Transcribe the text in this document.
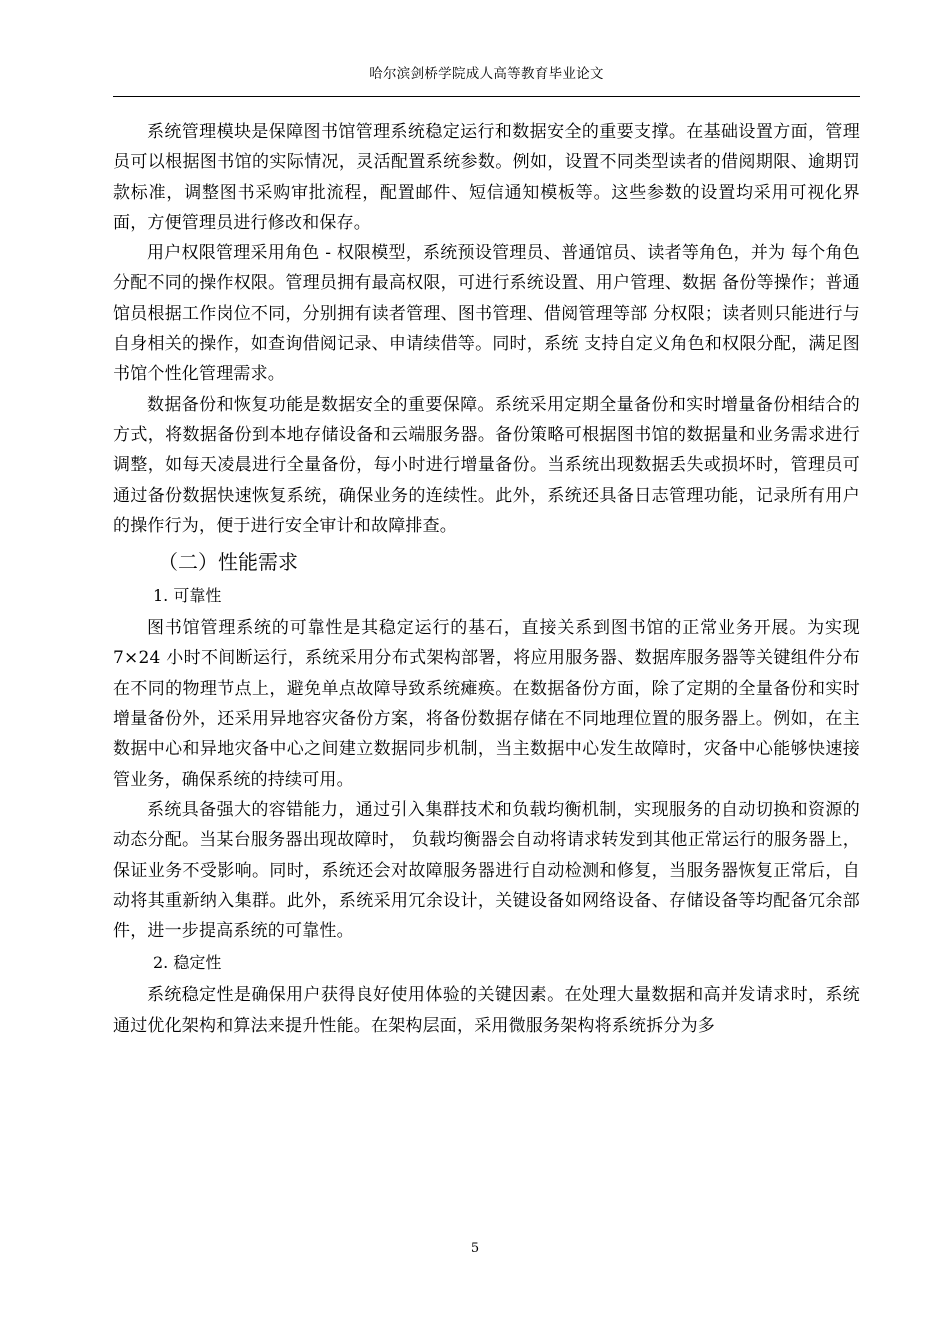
哈尔滨剑桥学院成人高等教育毕业论文

系统管理模块是保障图书馆管理系统稳定运行和数据安全的重要支撑。在基础设置方面，管理员可以根据图书馆的实际情况，灵活配置系统参数。例如，设置不同类型读者的借阅期限、逾期罚款标准，调整图书采购审批流程，配置邮件、短信通知模板等。这些参数的设置均采用可视化界面，方便管理员进行修改和保存。

用户权限管理采用角色 - 权限模型，系统预设管理员、普通馆员、读者等角色，并为 每个角色分配不同的操作权限。管理员拥有最高权限，可进行系统设置、用户管理、数据 备份等操作；普通馆员根据工作岗位不同，分别拥有读者管理、图书管理、借阅管理等部 分权限；读者则只能进行与自身相关的操作，如查询借阅记录、申请续借等。同时，系统 支持自定义角色和权限分配，满足图书馆个性化管理需求。

数据备份和恢复功能是数据安全的重要保障。系统采用定期全量备份和实时增量备份相结合的方式，将数据备份到本地存储设备和云端服务器。备份策略可根据图书馆的数据量和业务需求进行调整，如每天凌晨进行全量备份，每小时进行增量备份。当系统出现数据丢失或损坏时，管理员可通过备份数据快速恢复系统，确保业务的连续性。此外，系统还具备日志管理功能，记录所有用户的操作行为，便于进行安全审计和故障排查。

（二）性能需求
1. 可靠性

图书馆管理系统的可靠性是其稳定运行的基石，直接关系到图书馆的正常业务开展。为实现 7×24 小时不间断运行，系统采用分布式架构部署，将应用服务器、数据库服务器等关键组件分布在不同的物理节点上，避免单点故障导致系统瘫痪。在数据备份方面，除了定期的全量备份和实时增量备份外，还采用异地容灾备份方案，将备份数据存储在不同地理位置的服务器上。例如，在主数据中心和异地灾备中心之间建立数据同步机制，当主数据中心发生故障时，灾备中心能够快速接管业务，确保系统的持续可用。

系统具备强大的容错能力，通过引入集群技术和负载均衡机制，实现服务的自动切换和资源的动态分配。当某台服务器出现故障时， 负载均衡器会自动将请求转发到其他正常运行的服务器上，保证业务不受影响。同时，系统还会对故障服务器进行自动检测和修复，当服务器恢复正常后，自动将其重新纳入集群。此外，系统采用冗余设计，关键设备如网络设备、存储设备等均配备冗余部件，进一步提高系统的可靠性。

2. 稳定性

系统稳定性是确保用户获得良好使用体验的关键因素。在处理大量数据和高并发请求时，系统通过优化架构和算法来提升性能。在架构层面，采用微服务架构将系统拆分为多

5
